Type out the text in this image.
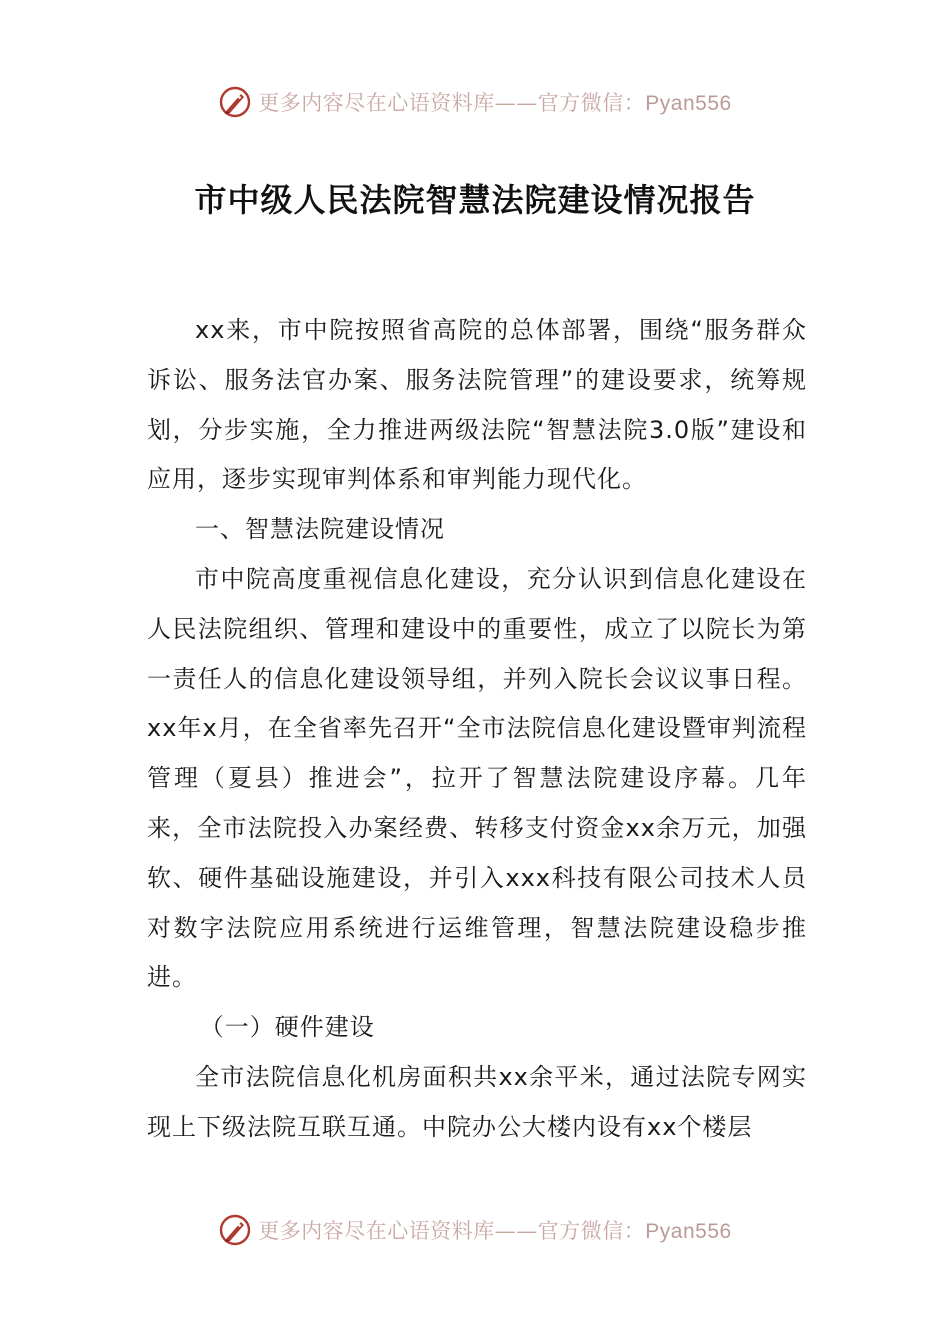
更多内容尽在心语资料库——官方微信：Pyan556
市中级人民法院智慧法院建设情况报告

xx来，市中院按照省高院的总体部署，围绕“服务群众诉讼、服务法官办案、服务法院管理”的建设要求，统筹规划，分步实施，全力推进两级法院“智慧法院3.0版”建设和应用，逐步实现审判体系和审判能力现代化。

一、智慧法院建设情况

市中院高度重视信息化建设，充分认识到信息化建设在人民法院组织、管理和建设中的重要性，成立了以院长为第一责任人的信息化建设领导组，并列入院长会议议事日程。xx年x月，在全省率先召开“全市法院信息化建设暨审判流程管理（夏县）推进会”，拉开了智慧法院建设序幕。几年来，全市法院投入办案经费、转移支付资金xx余万元，加强软、硬件基础设施建设，并引入xxx科技有限公司技术人员对数字法院应用系统进行运维管理，智慧法院建设稳步推进。

（一）硬件建设

全市法院信息化机房面积共xx余平米，通过法院专网实现上下级法院互联互通。中院办公大楼内设有xx个楼层

更多内容尽在心语资料库——官方微信：Pyan556
